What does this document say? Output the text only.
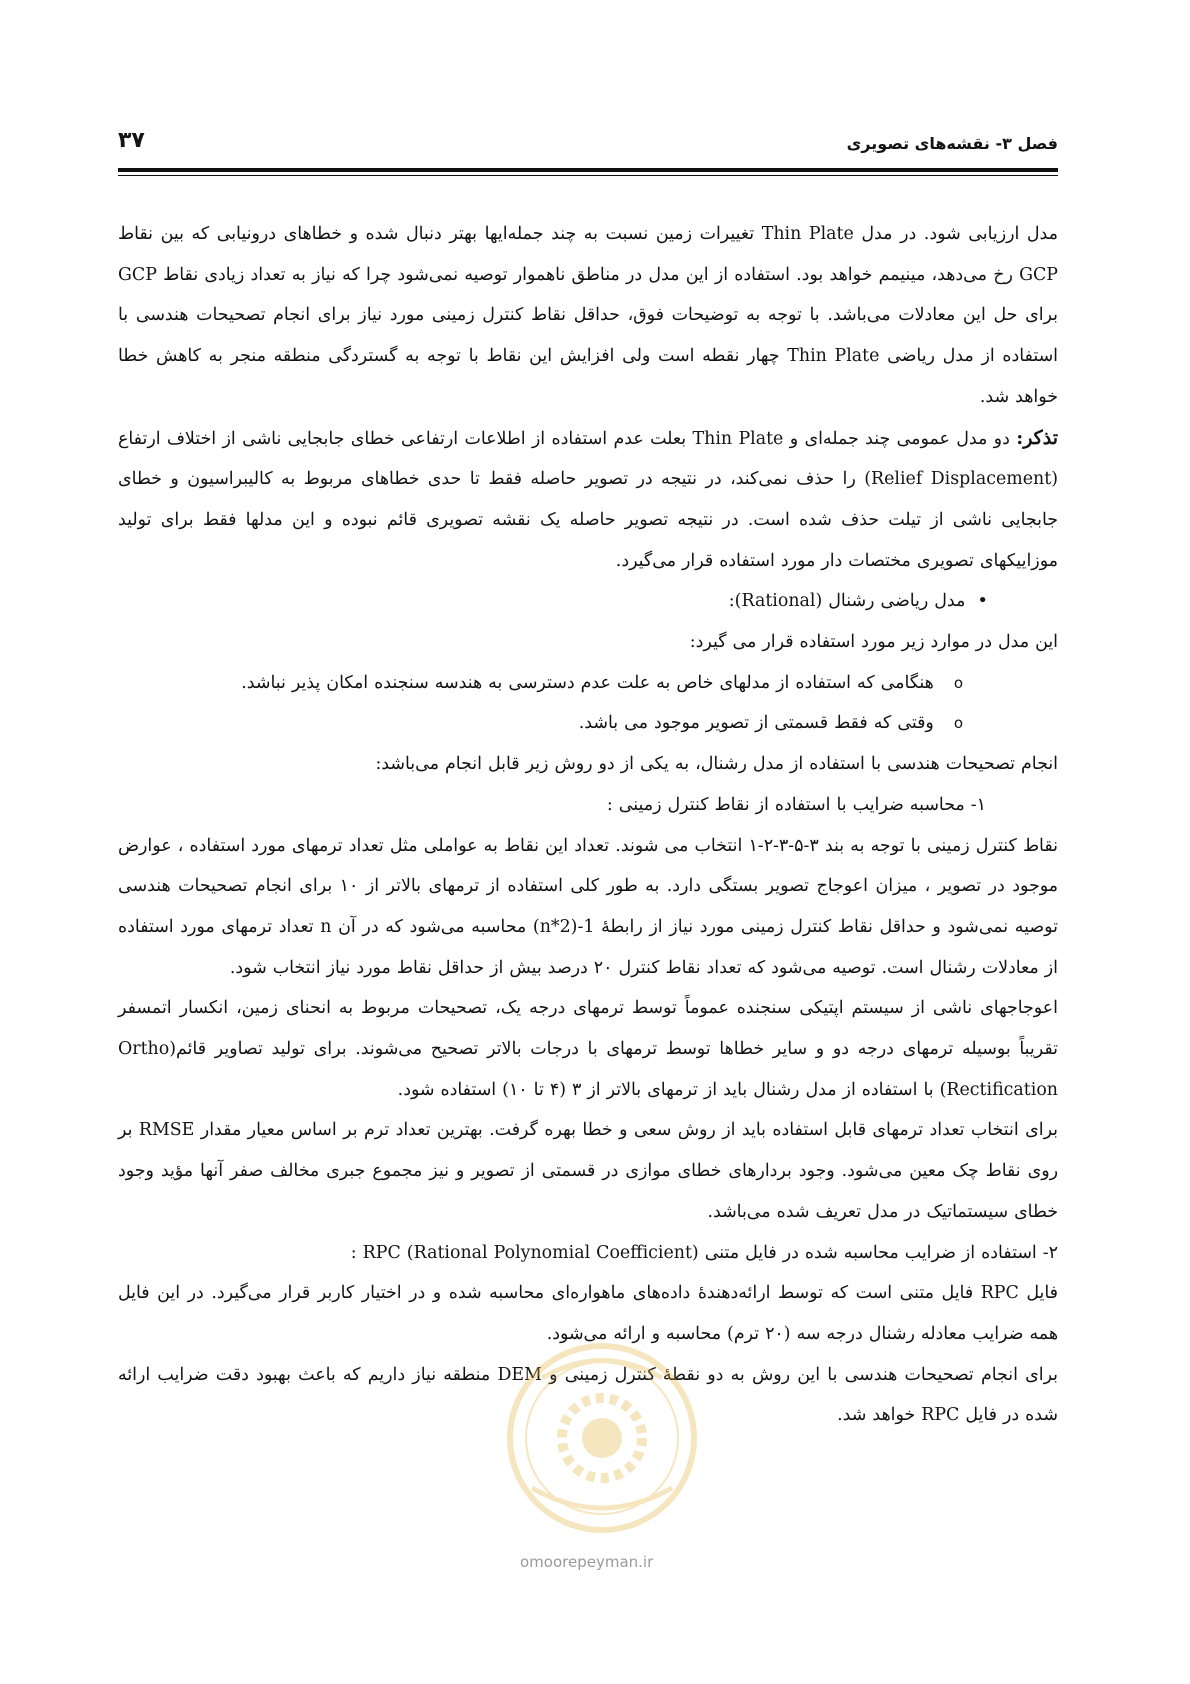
فصل ۳- نقشه‌های تصویری
۳۷

مدل ارزیابی شود. در مدل Thin Plate تغییرات زمین نسبت به چند جمله‌ایها بهتر دنبال شده و خطاهای درونیابی که بین نقاط GCP رخ می‌دهد، مینیمم خواهد بود. استفاده از این مدل در مناطق ناهموار توصیه نمی‌شود چرا که نیاز به تعداد زیادی نقاط GCP برای حل این معادلات می‌باشد. با توجه به توضیحات فوق، حداقل نقاط کنترل زمینی مورد نیاز برای انجام تصحیحات هندسی با استفاده از مدل ریاضی Thin Plate چهار نقطه است ولی افزایش این نقاط با توجه به گستردگی منطقه منجر به کاهش خطا خواهد شد.

تذکر: دو مدل عمومی چند جمله‌ای و Thin Plate بعلت عدم استفاده از اطلاعات ارتفاعی خطای جابجایی ناشی از اختلاف ارتفاع (Relief Displacement) را حذف نمی‌کند، در نتیجه در تصویر حاصله فقط تا حدی خطاهای مربوط به کالیبراسیون و خطای جابجایی ناشی از تیلت حذف شده است. در نتیجه تصویر حاصله یک نقشه تصویری قائم نبوده و این مدلها فقط برای تولید موزاییکهای تصویری مختصات دار مورد استفاده قرار می‌گیرد.

• مدل ریاضی رشنال (Rational):

این مدل در موارد زیر مورد استفاده قرار می گیرد:

o هنگامی که استفاده از مدلهای خاص به علت عدم دسترسی به هندسه سنجنده امکان پذیر نباشد.
o وقتی که فقط قسمتی از تصویر موجود می باشد.

انجام تصحیحات هندسی با استفاده از مدل رشنال، به یکی از دو روش زیر قابل انجام می‌باشد:

۱- محاسبه ضرایب با استفاده از نقاط کنترل زمینی :

نقاط کنترل زمینی با توجه به بند ۳-۵-۳-۲-۱ انتخاب می شوند. تعداد این نقاط به عواملی مثل تعداد ترمهای مورد استفاده ، عوارض موجود در تصویر ، میزان اعوجاج تصویر بستگی دارد. به طور کلی استفاده از ترمهای بالاتر از ۱۰ برای انجام تصحیحات هندسی توصیه نمی‌شود و حداقل نقاط کنترل زمینی مورد نیاز از رابطهٔ 1-(2*n) محاسبه می‌شود که در آن n تعداد ترمهای مورد استفاده از معادلات رشنال است. توصیه می‌شود که تعداد نقاط کنترل ۲۰ درصد بیش از حداقل نقاط مورد نیاز انتخاب شود.

اعوجاجهای ناشی از سیستم اپتیکی سنجنده عموماً توسط ترمهای درجه یک، تصحیحات مربوط به انحنای زمین، انکسار اتمسفر تقریباً بوسیله ترمهای درجه دو و سایر خطاها توسط ترمهای با درجات بالاتر تصحیح می‌شوند. برای تولید تصاویر قائم(Ortho Rectification) با استفاده از مدل رشنال باید از ترمهای بالاتر از ۳ (۴ تا ۱۰) استفاده شود.

برای انتخاب تعداد ترمهای قابل استفاده باید از روش سعی و خطا بهره گرفت. بهترین تعداد ترم بر اساس معیار مقدار RMSE بر روی نقاط چک معین می‌شود. وجود بردارهای خطای موازی در قسمتی از تصویر و نیز مجموع جبری مخالف صفر آنها مؤید وجود خطای سیستماتیک در مدل تعریف شده می‌باشد.

۲- استفاده از ضرایب محاسبه شده در فایل متنی RPC (Rational Polynomial Coefficient) :

فایل RPC فایل متنی است که توسط ارائه‌دهندهٔ داده‌های ماهواره‌ای محاسبه شده و در اختیار کاربر قرار می‌گیرد. در این فایل همه ضرایب معادله رشنال درجه سه (۲۰ ترم) محاسبه و ارائه می‌شود.

برای انجام تصحیحات هندسی با این روش به دو نقطهٔ کنترل زمینی و DEM منطقه نیاز داریم که باعث بهبود دقت ضرایب ارائه شده در فایل RPC خواهد شد.

omoorepeyman.ir
